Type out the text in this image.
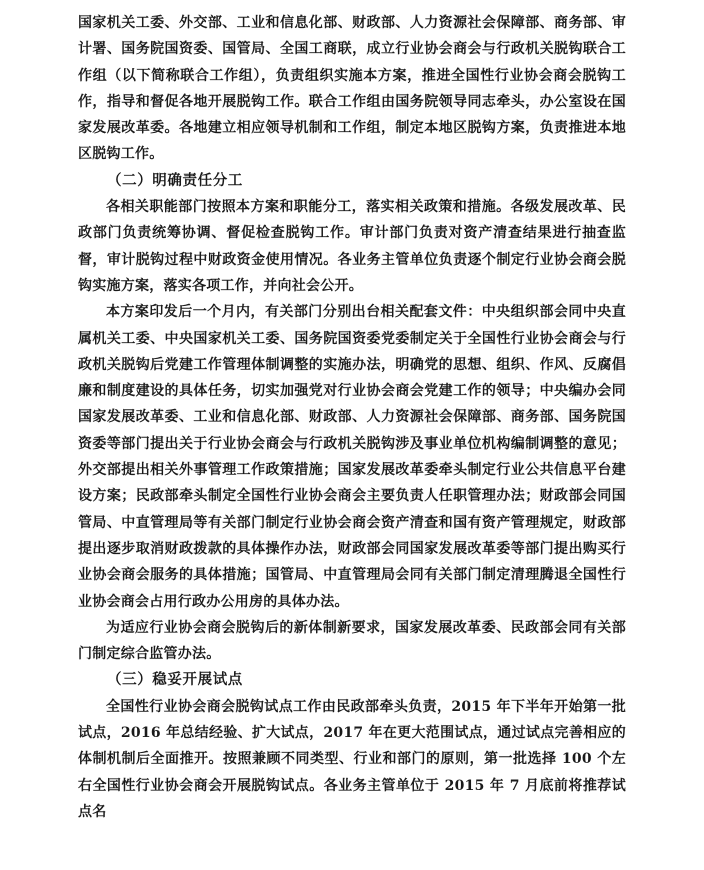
国家机关工委、外交部、工业和信息化部、财政部、人力资源社会保障部、商务部、审计署、国务院国资委、国管局、全国工商联，成立行业协会商会与行政机关脱钩联合工作组（以下简称联合工作组），负责组织实施本方案，推进全国性行业协会商会脱钩工作，指导和督促各地开展脱钩工作。联合工作组由国务院领导同志牵头，办公室设在国家发展改革委。各地建立相应领导机制和工作组，制定本地区脱钩方案，负责推进本地区脱钩工作。

（二）明确责任分工

各相关职能部门按照本方案和职能分工，落实相关政策和措施。各级发展改革、民政部门负责统筹协调、督促检查脱钩工作。审计部门负责对资产清查结果进行抽查监督，审计脱钩过程中财政资金使用情况。各业务主管单位负责逐个制定行业协会商会脱钩实施方案，落实各项工作，并向社会公开。

本方案印发后一个月内，有关部门分别出台相关配套文件：中央组织部会同中央直属机关工委、中央国家机关工委、国务院国资委党委制定关于全国性行业协会商会与行政机关脱钩后党建工作管理体制调整的实施办法，明确党的思想、组织、作风、反腐倡廉和制度建设的具体任务，切实加强党对行业协会商会党建工作的领导；中央编办会同国家发展改革委、工业和信息化部、财政部、人力资源社会保障部、商务部、国务院国资委等部门提出关于行业协会商会与行政机关脱钩涉及事业单位机构编制调整的意见；外交部提出相关外事管理工作政策措施；国家发展改革委牵头制定行业公共信息平台建设方案；民政部牵头制定全国性行业协会商会主要负责人任职管理办法；财政部会同国管局、中直管理局等有关部门制定行业协会商会资产清查和国有资产管理规定，财政部提出逐步取消财政拨款的具体操作办法，财政部会同国家发展改革委等部门提出购买行业协会商会服务的具体措施；国管局、中直管理局会同有关部门制定清理腾退全国性行业协会商会占用行政办公用房的具体办法。

为适应行业协会商会脱钩后的新体制新要求，国家发展改革委、民政部会同有关部门制定综合监管办法。

（三）稳妥开展试点

全国性行业协会商会脱钩试点工作由民政部牵头负责，2015 年下半年开始第一批试点，2016 年总结经验、扩大试点，2017 年在更大范围试点，通过试点完善相应的体制机制后全面推开。按照兼顾不同类型、行业和部门的原则，第一批选择 100 个左右全国性行业协会商会开展脱钩试点。各业务主管单位于 2015 年 7 月底前将推荐试点名
